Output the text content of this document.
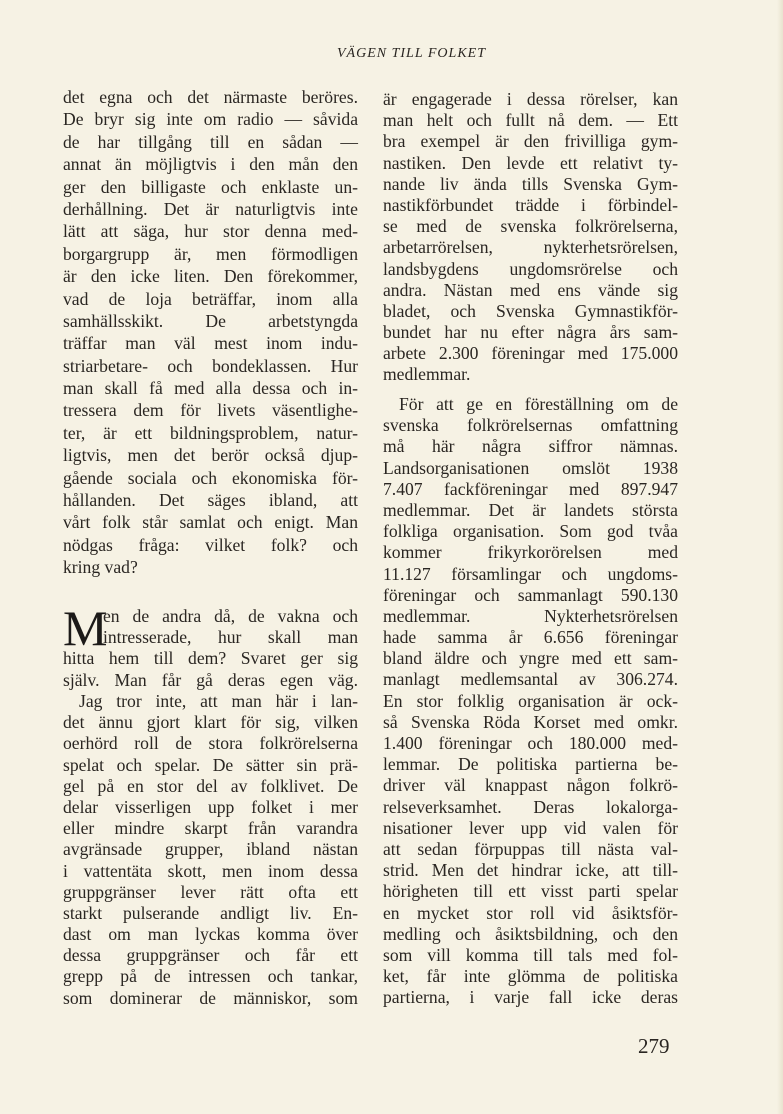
VÄGEN TILL FOLKET
det egna och det närmaste beröres.
De bryr sig inte om radio — såvida
de har tillgång till en sådan —
annat än möjligtvis i den mån den
ger den billigaste och enklaste un-
derhållning. Det är naturligtvis inte
lätt att säga, hur stor denna med-
borgargrupp är, men förmodligen
är den icke liten. Den förekommer,
vad de loja beträffar, inom alla
samhällsskikt. De arbetstyngda
träffar man väl mest inom indu-
striarbetare- och bondeklassen. Hur
man skall få med alla dessa och in-
tressera dem för livets väsentlighe-
ter, är ett bildningsproblem, natur-
ligtvis, men det berör också djup-
gående sociala och ekonomiska för-
hållanden. Det säges ibland, att
vårt folk står samlat och enigt. Man
nödgas fråga: vilket folk? och
kring vad?
M
en de andra då, de vakna och
intresserade, hur skall man
hitta hem till dem? Svaret ger sig
själv. Man får gå deras egen väg.
Jag tror inte, att man här i lan-
det ännu gjort klart för sig, vilken
oerhörd roll de stora folkrörelserna
spelat och spelar. De sätter sin prä-
gel på en stor del av folklivet. De
delar visserligen upp folket i mer
eller mindre skarpt från varandra
avgränsade grupper, ibland nästan
i vattentäta skott, men inom dessa
gruppgränser lever rätt ofta ett
starkt pulserande andligt liv. En-
dast om man lyckas komma över
dessa gruppgränser och får ett
grepp på de intressen och tankar,
som dominerar de människor, som
är engagerade i dessa rörelser, kan
man helt och fullt nå dem. — Ett
bra exempel är den frivilliga gym-
nastiken. Den levde ett relativt ty-
nande liv ända tills Svenska Gym-
nastikförbundet trädde i förbindel-
se med de svenska folkrörelserna,
arbetarrörelsen, nykterhetsrörelsen,
landsbygdens ungdomsrörelse och
andra. Nästan med ens vände sig
bladet, och Svenska Gymnastikför-
bundet har nu efter några års sam-
arbete 2.300 föreningar med 175.000
medlemmar.
För att ge en föreställning om de
svenska folkrörelsernas omfattning
må här några siffror nämnas.
Landsorganisationen omslöt 1938
7.407 fackföreningar med 897.947
medlemmar. Det är landets största
folkliga organisation. Som god tvåa
kommer frikyrkorörelsen med
11.127 församlingar och ungdoms-
föreningar och sammanlagt 590.130
medlemmar. Nykterhetsrörelsen
hade samma år 6.656 föreningar
bland äldre och yngre med ett sam-
manlagt medlemsantal av 306.274.
En stor folklig organisation är ock-
så Svenska Röda Korset med omkr.
1.400 föreningar och 180.000 med-
lemmar. De politiska partierna be-
driver väl knappast någon folkrö-
relseverksamhet. Deras lokalorga-
nisationer lever upp vid valen för
att sedan förpuppas till nästa val-
strid. Men det hindrar icke, att till-
hörigheten till ett visst parti spelar
en mycket stor roll vid åsiktsför-
medling och åsiktsbildning, och den
som vill komma till tals med fol-
ket, får inte glömma de politiska
partierna, i varje fall icke deras
279
